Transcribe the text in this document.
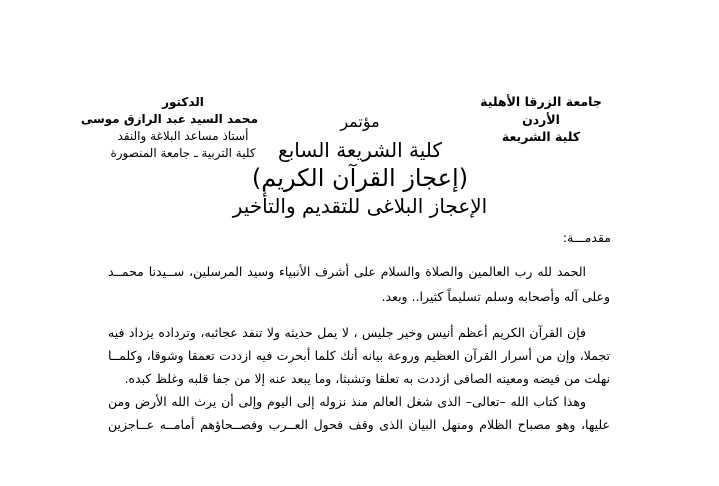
جامعة الزرقا الأهلية
الأردن
كلية الشريعة
الدكتور
محمد السيد عبد الرازق موسى
أستاذ مساعد البلاغة والنقد
كلية التربية ـ جامعة المنصورة
مؤتمر
كلية الشريعة السابع
(إعجاز القرآن الكريم)
الإعجاز البلاغى للتقديم والتأخير
مقدمـــة:
الحمد لله رب العالمين والصلاة والسلام على أشرف الأنبياء وسيد المرسلين، ســيدنا محمــد
وعلى آله وأصحابه وسلم تسليماً كثيرا.. وبعد.
فإن القرآن الكريم أعظم أنيس وخير جليس ، لا يمل حديثه ولا تنفد عجائبه، وترداده يزداد فيه
تجملا، وإن من أسرار القرآن العظيم وروعة بيانه أنك كلما أبحرت فيه ازددت تعمقا وشوقا، وكلمــا
نهلت من فيضه ومعينه الصافى ازددت به تعلقا وتشبثا، وما يبعد عنه إلا من جفا قلبه وغلظ كبده.
وهذا كتاب الله –تعالى– الذى شغل العالم منذ نزوله إلى اليوم وإلى أن يرث الله الأرض ومن
عليها، وهو مصباح الظلام ومنهل البيان الذى وقف فحول العــرب وفصــحاؤهم أمامــه عــاجزين
